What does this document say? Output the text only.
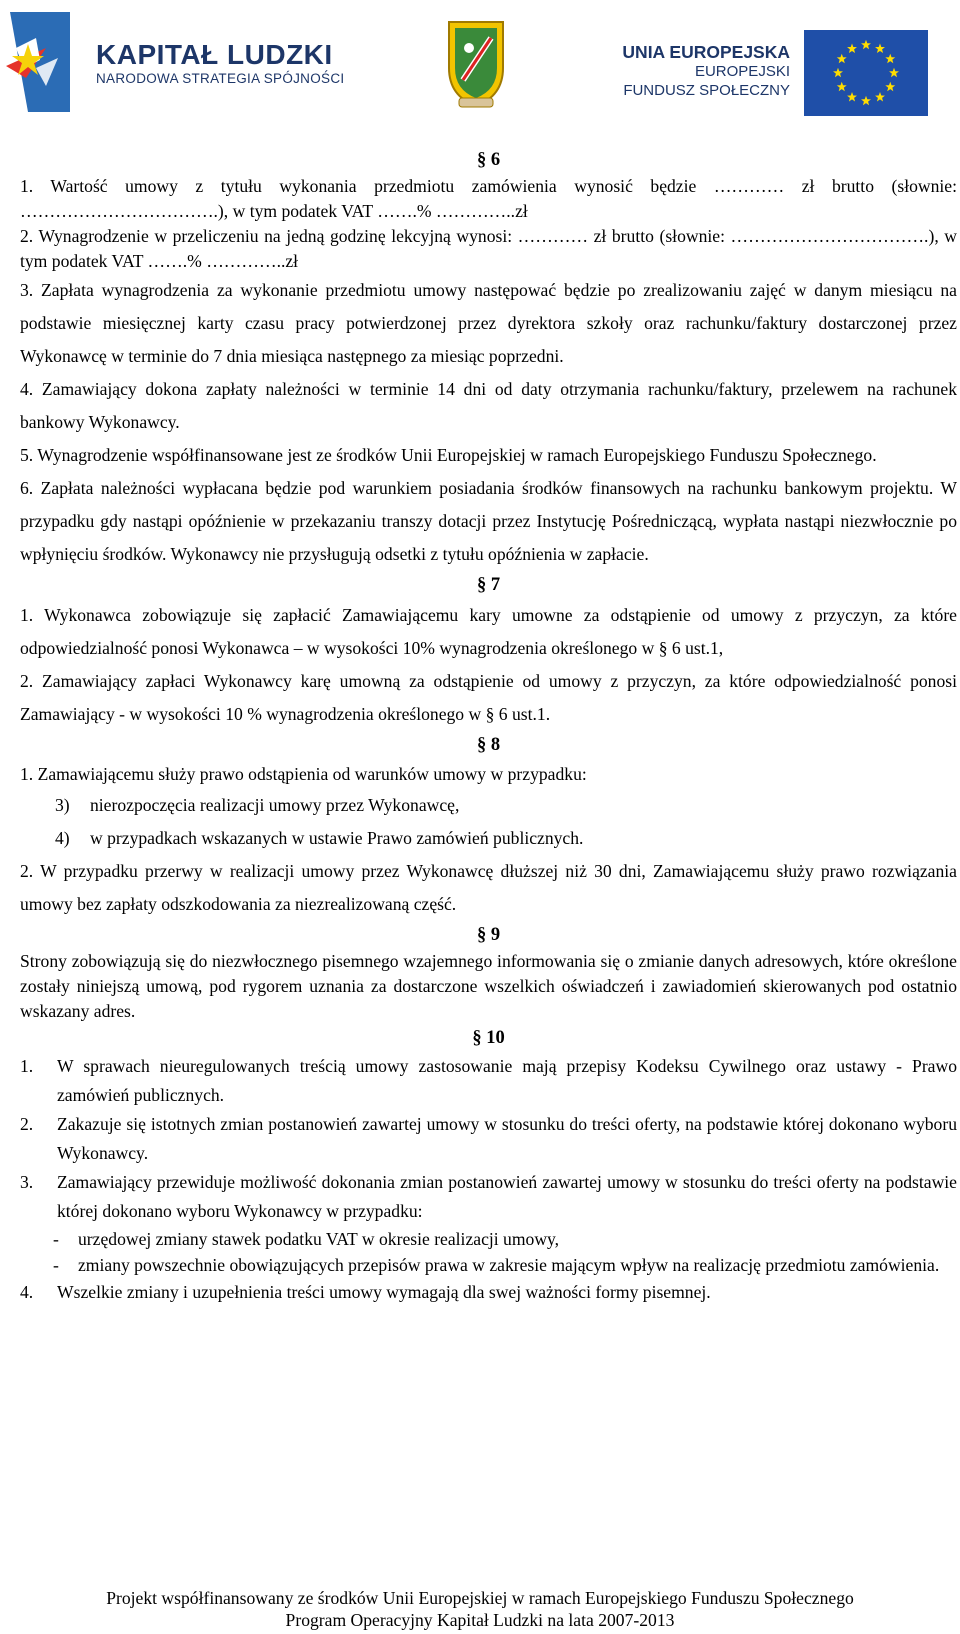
KAPITAŁ LUDZKI
NARODOWA STRATEGIA SPÓJNOŚCI
UNIA EUROPEJSKA
EUROPEJSKI
FUNDUSZ SPOŁECZNY
§ 6
1. Wartość umowy z tytułu wykonania przedmiotu zamówienia wynosić będzie ………… zł brutto (słownie: …………………………….), w tym podatek VAT …….% …………..zł
2. Wynagrodzenie w przeliczeniu na jedną godzinę lekcyjną wynosi: ………… zł brutto (słownie: …………………………….), w tym podatek VAT …….% …………..zł
3. Zapłata wynagrodzenia za wykonanie przedmiotu umowy następować będzie po zrealizowaniu zajęć w danym miesiącu na podstawie miesięcznej karty czasu pracy potwierdzonej przez dyrektora szkoły oraz rachunku/faktury dostarczonej przez Wykonawcę w terminie do 7 dnia miesiąca następnego za miesiąc poprzedni.
4. Zamawiający dokona zapłaty należności w terminie 14 dni od daty otrzymania rachunku/faktury, przelewem na rachunek bankowy Wykonawcy.
5. Wynagrodzenie współfinansowane jest ze środków Unii Europejskiej w ramach Europejskiego Funduszu Społecznego.
6. Zapłata należności wypłacana będzie pod warunkiem posiadania środków finansowych na rachunku bankowym projektu. W przypadku gdy nastąpi opóźnienie w przekazaniu transzy dotacji przez Instytucję Pośredniczącą, wypłata nastąpi niezwłocznie po wpłynięciu środków. Wykonawcy nie przysługują odsetki z tytułu opóźnienia w zapłacie.
§ 7
1. Wykonawca zobowiązuje się zapłacić Zamawiającemu kary umowne za odstąpienie od umowy z przyczyn, za które odpowiedzialność ponosi Wykonawca – w wysokości 10% wynagrodzenia określonego w § 6 ust.1,
2. Zamawiający zapłaci Wykonawcy karę umowną za odstąpienie od umowy z przyczyn, za które odpowiedzialność ponosi Zamawiający - w wysokości 10 % wynagrodzenia określonego w § 6 ust.1.
§ 8
1. Zamawiającemu służy prawo odstąpienia od warunków umowy w przypadku:
3) nierozpoczęcia realizacji umowy przez Wykonawcę,
4) w przypadkach wskazanych w ustawie Prawo zamówień publicznych.
2. W przypadku przerwy w realizacji umowy przez Wykonawcę dłuższej niż 30 dni, Zamawiającemu służy prawo rozwiązania umowy bez zapłaty odszkodowania za niezrealizowaną część.
§ 9
Strony zobowiązują się do niezwłocznego pisemnego wzajemnego informowania się o zmianie danych adresowych, które określone zostały niniejszą umową, pod rygorem uznania za dostarczone wszelkich oświadczeń i zawiadomień skierowanych pod ostatnio wskazany adres.
§ 10
1. W sprawach nieuregulowanych treścią umowy zastosowanie mają przepisy Kodeksu Cywilnego oraz ustawy - Prawo zamówień publicznych.
2. Zakazuje się istotnych zmian postanowień zawartej umowy w stosunku do treści oferty, na podstawie której dokonano wyboru Wykonawcy.
3. Zamawiający przewiduje możliwość dokonania zmian postanowień zawartej umowy w stosunku do treści oferty na podstawie której dokonano wyboru Wykonawcy w przypadku:
- urzędowej zmiany stawek podatku VAT w okresie realizacji umowy,
- zmiany powszechnie obowiązujących przepisów prawa w zakresie mającym wpływ na realizację przedmiotu zamówienia.
4. Wszelkie zmiany i uzupełnienia treści umowy wymagają dla swej ważności formy pisemnej.
Projekt współfinansowany ze środków Unii Europejskiej w ramach Europejskiego Funduszu Społecznego
Program Operacyjny Kapitał Ludzki na lata 2007-2013
